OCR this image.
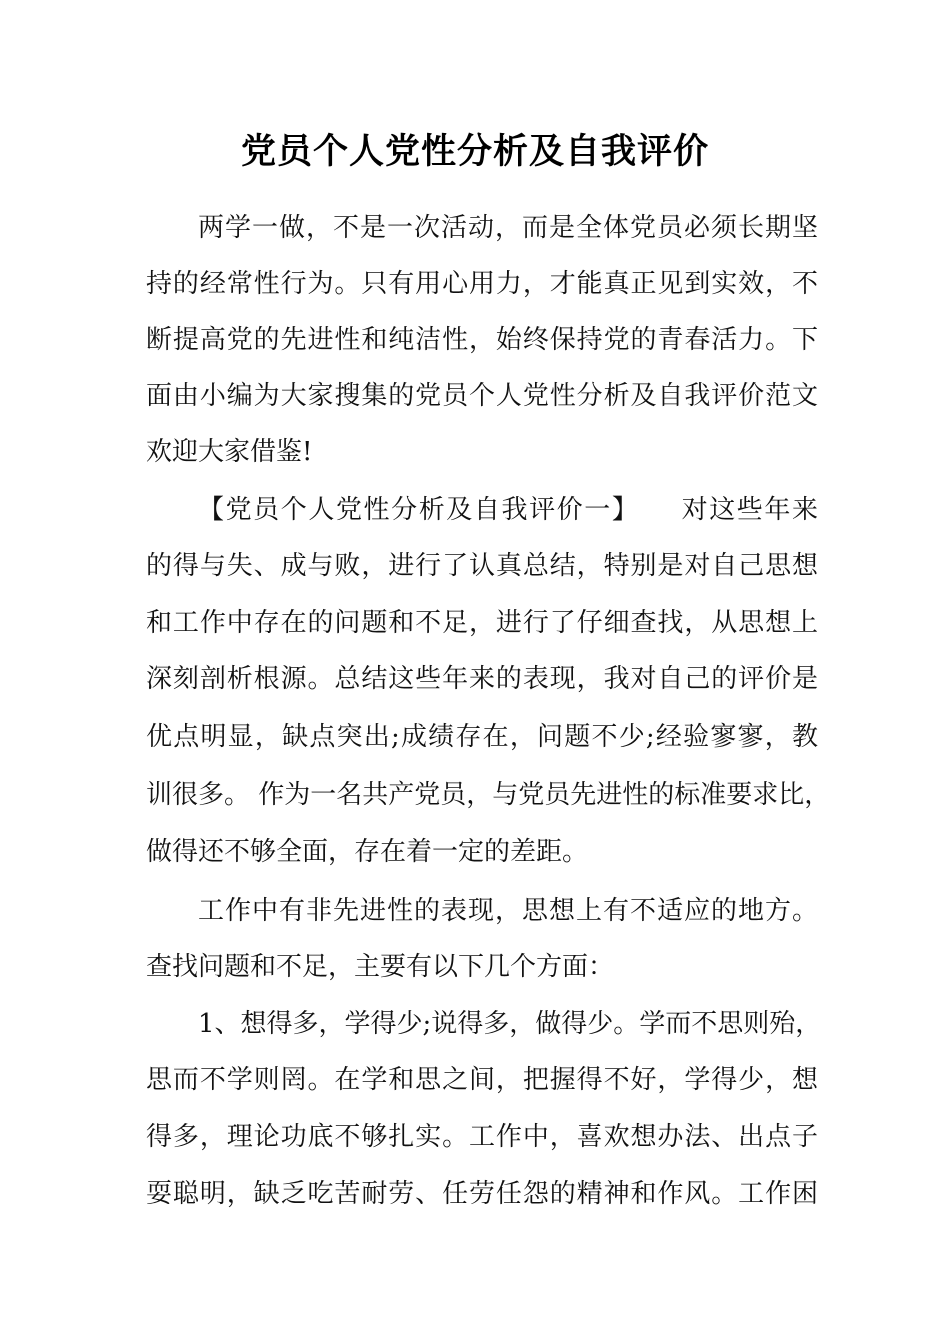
党员个人党性分析及自我评价
两学一做，不是一次活动，而是全体党员必须长期坚
持的经常性行为。只有用心用力，才能真正见到实效，不
断提高党的先进性和纯洁性，始终保持党的青春活力。下
面由小编为大家搜集的党员个人党性分析及自我评价范文
欢迎大家借鉴!
【党员个人党性分析及自我评价一】　　对这些年来
的得与失、成与败，进行了认真总结，特别是对自己思想
和工作中存在的问题和不足，进行了仔细查找，从思想上
深刻剖析根源。总结这些年来的表现，我对自己的评价是
优点明显，缺点突出;成绩存在，问题不少;经验寥寥，教
训很多。 作为一名共产党员，与党员先进性的标准要求比，
做得还不够全面，存在着一定的差距。
工作中有非先进性的表现，思想上有不适应的地方。
查找问题和不足，主要有以下几个方面：
1、想得多，学得少;说得多，做得少。学而不思则殆，
思而不学则罔。在学和思之间，把握得不好，学得少，想
得多，理论功底不够扎实。工作中，喜欢想办法、出点子
耍聪明，缺乏吃苦耐劳、任劳任怨的精神和作风。工作困
